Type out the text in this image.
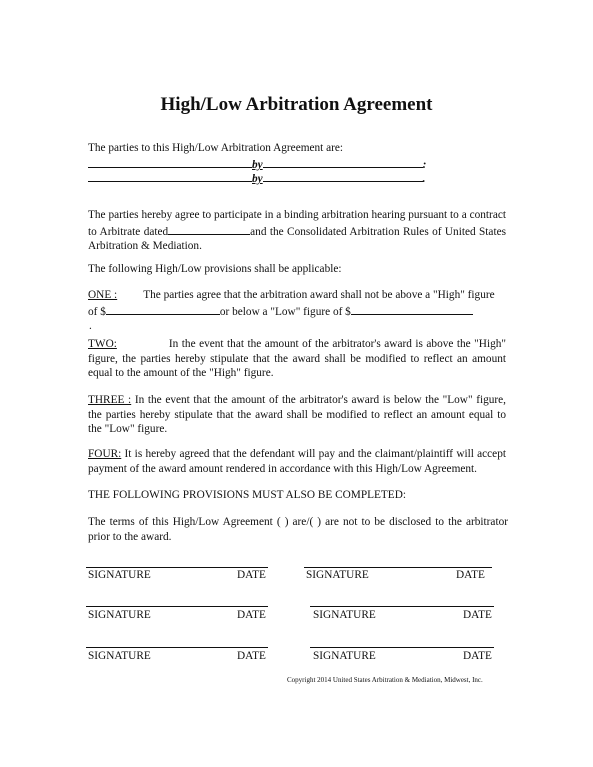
High/Low Arbitration Agreement
The parties to this High/Low Arbitration Agreement are:
by	:
by	.
The parties hereby agree to participate in a binding arbitration hearing pursuant to a contract to Arbitrate dated	and the Consolidated Arbitration Rules of United States Arbitration & Mediation.
The following High/Low provisions shall be applicable:
ONE : The parties agree that the arbitration award shall not be above a "High" figure
of $	or below a "Low" figure of $
.
TWO:	In the event that the amount of the arbitrator's award is above the "High" figure, the parties hereby stipulate that the award shall be modified to reflect an amount equal to the amount of the "High" figure.
THREE : In the event that the amount of the arbitrator's award is below the "Low" figure, the parties hereby stipulate that the award shall be modified to reflect an amount equal to the "Low" figure.
FOUR: It is hereby agreed that the defendant will pay and the claimant/plaintiff will accept payment of the award amount rendered in accordance with this High/Low Agreement.
THE FOLLOWING PROVISIONS MUST ALSO BE COMPLETED:
The terms of this High/Low Agreement ( ) are/( ) are not to be disclosed to the arbitrator prior to the award.
SIGNATURE	DATE	SIGNATURE	DATE
SIGNATURE	DATE	SIGNATURE	DATE
SIGNATURE	DATE	SIGNATURE	DATE
Copyright 2014 United States Arbitration & Mediation, Midwest, Inc.
